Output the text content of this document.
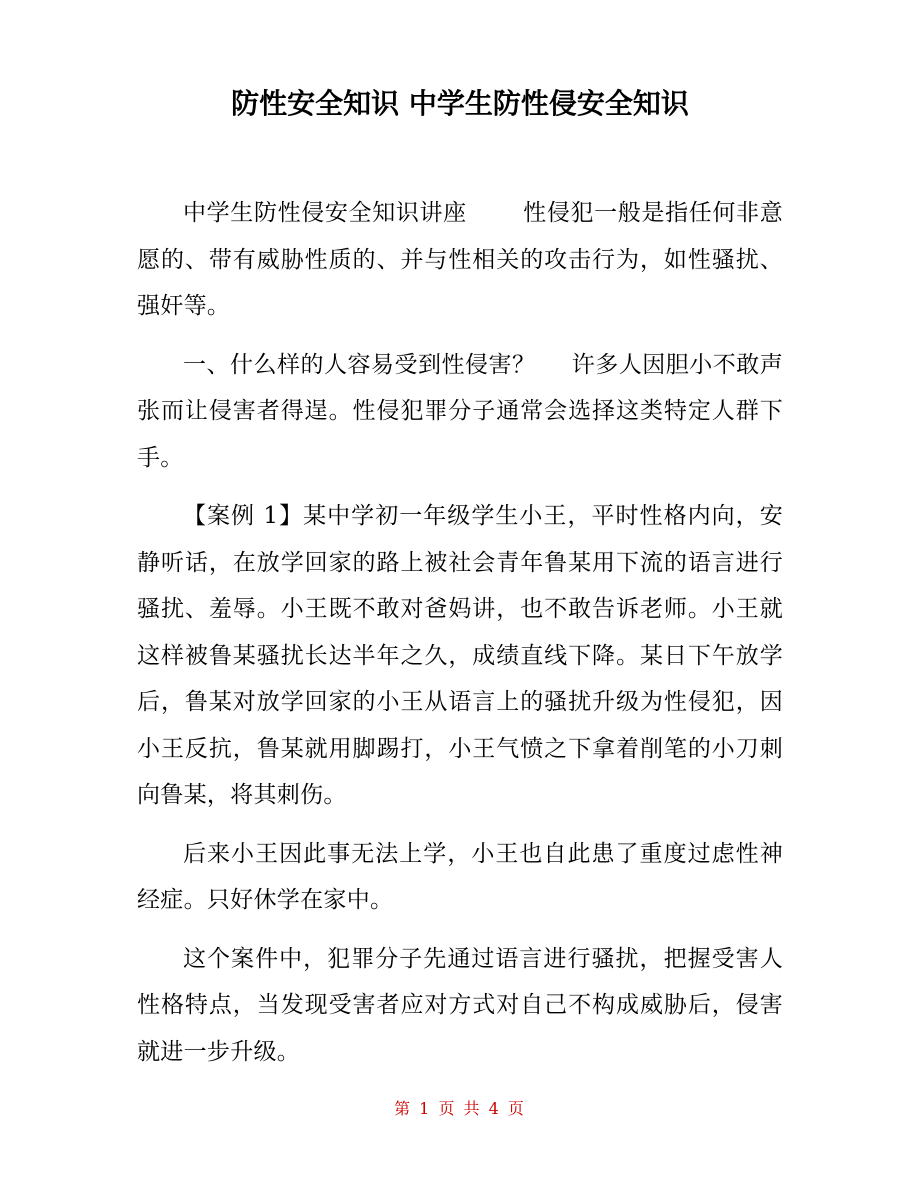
防性安全知识 中学生防性侵安全知识

中学生防性侵安全知识讲座 性侵犯一般是指任何非意愿的、带有威胁性质的、并与性相关的攻击行为，如性骚扰、强奸等。

一、什么样的人容易受到性侵害？ 许多人因胆小不敢声张而让侵害者得逞。性侵犯罪分子通常会选择这类特定人群下手。

【案例 1】某中学初一年级学生小王，平时性格内向，安静听话，在放学回家的路上被社会青年鲁某用下流的语言进行骚扰、羞辱。小王既不敢对爸妈讲，也不敢告诉老师。小王就这样被鲁某骚扰长达半年之久，成绩直线下降。某日下午放学后，鲁某对放学回家的小王从语言上的骚扰升级为性侵犯，因小王反抗，鲁某就用脚踢打，小王气愤之下拿着削笔的小刀刺向鲁某，将其刺伤。

后来小王因此事无法上学，小王也自此患了重度过虑性神经症。只好休学在家中。

这个案件中，犯罪分子先通过语言进行骚扰，把握受害人性格特点，当发现受害者应对方式对自己不构成威胁后，侵害就进一步升级。

第 1 页 共 4 页
